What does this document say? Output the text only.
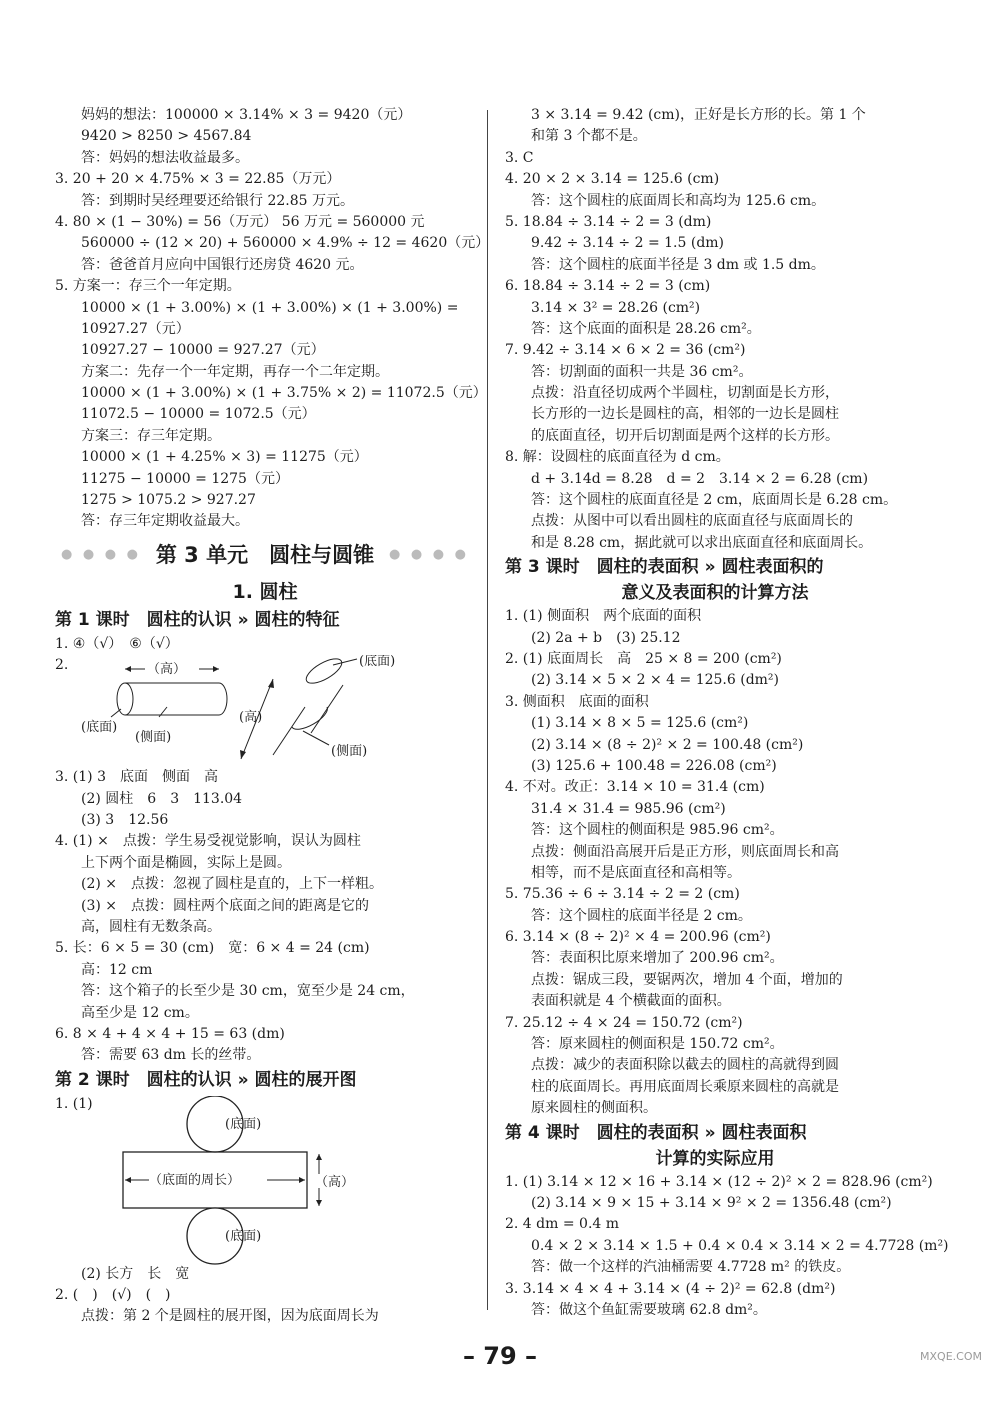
妈妈的想法：100000 × 3.14% × 3 = 9420（元）
9420 > 8250 > 4567.84
答：妈妈的想法收益最多。
3. 20 + 20 × 4.75% × 3 = 22.85（万元）
答：到期时吴经理要还给银行 22.85 万元。
4. 80 × (1 − 30%) = 56（万元） 56 万元 = 560000 元
560000 ÷ (12 × 20) + 560000 × 4.9% ÷ 12 = 4620（元）
答：爸爸首月应向中国银行还房贷 4620 元。
5. 方案一：存三个一年定期。
10000 × (1 + 3.00%) × (1 + 3.00%) × (1 + 3.00%) =
10927.27（元）
10927.27 − 10000 = 927.27（元）
方案二：先存一个一年定期，再存一个二年定期。
10000 × (1 + 3.00%) × (1 + 3.75% × 2) = 11072.5（元）
11072.5 − 10000 = 1072.5（元）
方案三：存三年定期。
10000 × (1 + 4.25% × 3) = 11275（元）
11275 − 10000 = 1275（元）
1275 > 1075.2 > 927.27
答：存三年定期收益最大。
● ● ● ● 第 3 单元　圆柱与圆锥 ● ● ● ●
1. 圆柱
第 1 课时　圆柱的认识 » 圆柱的特征
1. ④（√）　⑥（√）
2.	（高）
(底面)
(侧面)
(高)
(底面)
(侧面)
3. (1) 3　底面　侧面　高
(2) 圆柱　6　3　113.04
(3) 3　12.56
4. (1) ×　点拨：学生易受视觉影响，误认为圆柱
上下两个面是椭圆，实际上是圆。
(2) ×　点拨：忽视了圆柱是直的，上下一样粗。
(3) ×　点拨：圆柱两个底面之间的距离是它的
高，圆柱有无数条高。
5. 长：6 × 5 = 30 (cm)　宽：6 × 4 = 24 (cm)
高：12 cm
答：这个箱子的长至少是 30 cm，宽至少是 24 cm，
高至少是 12 cm。
6. 8 × 4 + 4 × 4 + 15 = 63 (dm)
答：需要 63 dm 长的丝带。
第 2 课时　圆柱的认识 » 圆柱的展开图
1. (1)
(底面)
（底面的周长）	（高）
(底面)
(2) 长方　长　宽
2. (　)　(√)　(　)
点拨：第 2 个是圆柱的展开图，因为底面周长为
3 × 3.14 = 9.42 (cm)，正好是长方形的长。第 1 个
和第 3 个都不是。
3. C
4. 20 × 2 × 3.14 = 125.6 (cm)
答：这个圆柱的底面周长和高均为 125.6 cm。
5. 18.84 ÷ 3.14 ÷ 2 = 3 (dm)
9.42 ÷ 3.14 ÷ 2 = 1.5 (dm)
答：这个圆柱的底面半径是 3 dm 或 1.5 dm。
6. 18.84 ÷ 3.14 ÷ 2 = 3 (cm)
3.14 × 3² = 28.26 (cm²)
答：这个底面的面积是 28.26 cm²。
7. 9.42 ÷ 3.14 × 6 × 2 = 36 (cm²)
答：切割面的面积一共是 36 cm²。
点拨：沿直径切成两个半圆柱，切割面是长方形，
长方形的一边长是圆柱的高，相邻的一边长是圆柱
的底面直径，切开后切割面是两个这样的长方形。
8. 解：设圆柱的底面直径为 d cm。
d + 3.14d = 8.28　d = 2　3.14 × 2 = 6.28 (cm)
答：这个圆柱的底面直径是 2 cm，底面周长是 6.28 cm。
点拨：从图中可以看出圆柱的底面直径与底面周长的
和是 8.28 cm，据此就可以求出底面直径和底面周长。
第 3 课时　圆柱的表面积 » 圆柱表面积的
意义及表面积的计算方法
1. (1) 侧面积　两个底面的面积
(2) 2a + b　(3) 25.12
2. (1) 底面周长　高　25 × 8 = 200 (cm²)
(2) 3.14 × 5 × 2 × 4 = 125.6 (dm²)
3. 侧面积　底面的面积
(1) 3.14 × 8 × 5 = 125.6 (cm²)
(2) 3.14 × (8 ÷ 2)² × 2 = 100.48 (cm²)
(3) 125.6 + 100.48 = 226.08 (cm²)
4. 不对。改正：3.14 × 10 = 31.4 (cm)
31.4 × 31.4 = 985.96 (cm²)
答：这个圆柱的侧面积是 985.96 cm²。
点拨：侧面沿高展开后是正方形，则底面周长和高
相等，而不是底面直径和高相等。
5. 75.36 ÷ 6 ÷ 3.14 ÷ 2 = 2 (cm)
答：这个圆柱的底面半径是 2 cm。
6. 3.14 × (8 ÷ 2)² × 4 = 200.96 (cm²)
答：表面积比原来增加了 200.96 cm²。
点拨：锯成三段，要锯两次，增加 4 个面，增加的
表面积就是 4 个横截面的面积。
7. 25.12 ÷ 4 × 24 = 150.72 (cm²)
答：原来圆柱的侧面积是 150.72 cm²。
点拨：减少的表面积除以截去的圆柱的高就得到圆
柱的底面周长。再用底面周长乘原来圆柱的高就是
原来圆柱的侧面积。
第 4 课时　圆柱的表面积 » 圆柱表面积
计算的实际应用
1. (1) 3.14 × 12 × 16 + 3.14 × (12 ÷ 2)² × 2 = 828.96 (cm²)
(2) 3.14 × 9 × 15 + 3.14 × 9² × 2 = 1356.48 (cm²)
2. 4 dm = 0.4 m
0.4 × 2 × 3.14 × 1.5 + 0.4 × 0.4 × 3.14 × 2 = 4.7728 (m²)
答：做一个这样的汽油桶需要 4.7728 m² 的铁皮。
3. 3.14 × 4 × 4 + 3.14 × (4 ÷ 2)² = 62.8 (dm²)
答：做这个鱼缸需要玻璃 62.8 dm²。
– 79 –	MXQE.COM
